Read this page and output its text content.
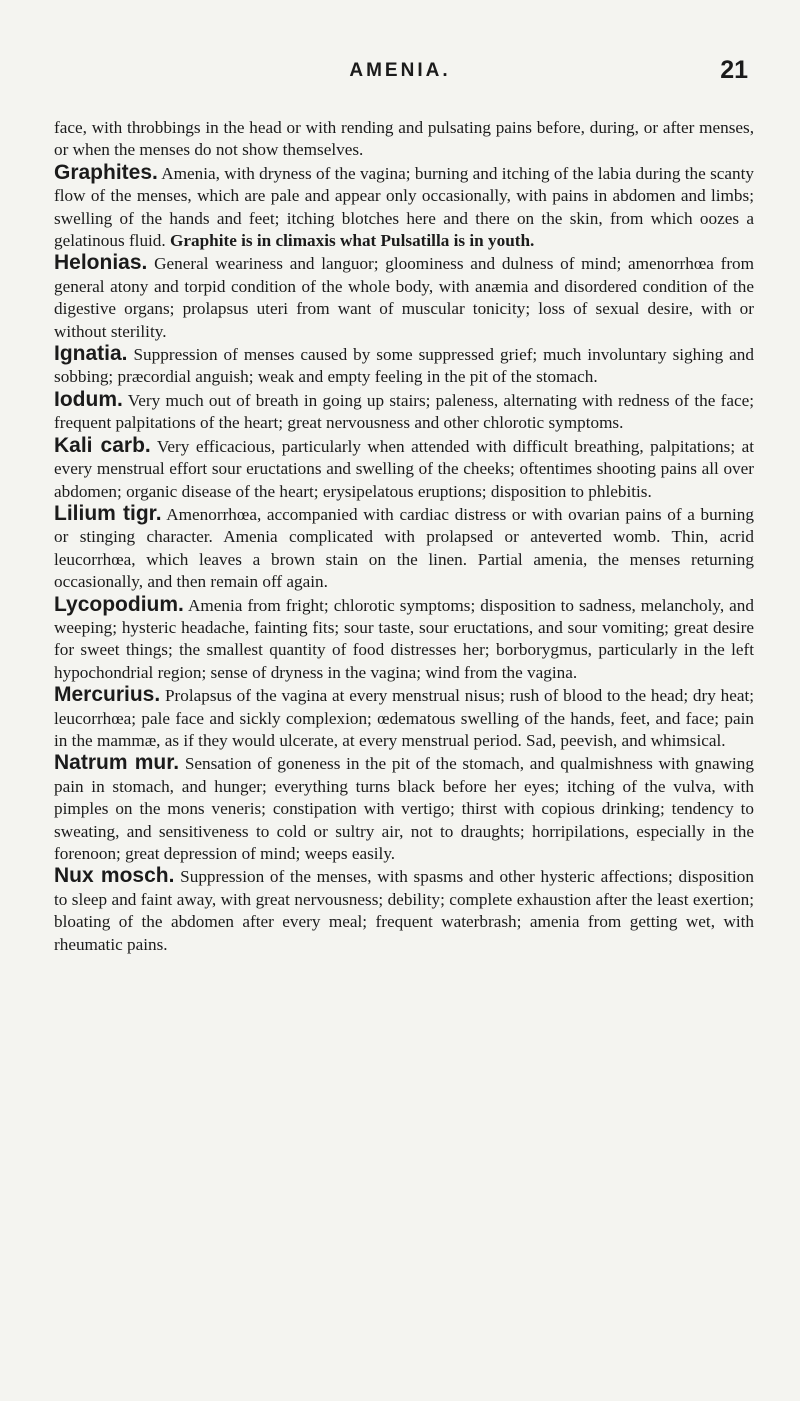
AMENIA.	21

face, with throbbings in the head or with rending and pulsating pains before, during, or after menses, or when the menses do not show themselves.

Graphites. Amenia, with dryness of the vagina; burning and itching of the labia during the scanty flow of the menses, which are pale and appear only occasionally, with pains in abdomen and limbs; swelling of the hands and feet; itching blotches here and there on the skin, from which oozes a gelatinous fluid. Graphite is in climaxis what Pulsatilla is in youth.

Helonias. General weariness and languor; gloominess and dulness of mind; amenorrhœa from general atony and torpid condition of the whole body, with anæmia and disordered condition of the digestive organs; prolapsus uteri from want of muscular tonicity; loss of sexual desire, with or without sterility.

Ignatia. Suppression of menses caused by some suppressed grief; much involuntary sighing and sobbing; præcordial anguish; weak and empty feeling in the pit of the stomach.

Iodum. Very much out of breath in going up stairs; paleness, alternating with redness of the face; frequent palpitations of the heart; great nervousness and other chlorotic symptoms.

Kali carb. Very efficacious, particularly when attended with difficult breathing, palpitations; at every menstrual effort sour eructations and swelling of the cheeks; oftentimes shooting pains all over abdomen; organic disease of the heart; erysipelatous eruptions; disposition to phlebitis.

Lilium tigr. Amenorrhœa, accompanied with cardiac distress or with ovarian pains of a burning or stinging character. Amenia complicated with prolapsed or anteverted womb. Thin, acrid leucorrhœa, which leaves a brown stain on the linen. Partial amenia, the menses returning occasionally, and then remain off again.

Lycopodium. Amenia from fright; chlorotic symptoms; disposition to sadness, melancholy, and weeping; hysteric headache, fainting fits; sour taste, sour eructations, and sour vomiting; great desire for sweet things; the smallest quantity of food distresses her; borborygmus, particularly in the left hypochondrial region; sense of dryness in the vagina; wind from the vagina.

Mercurius. Prolapsus of the vagina at every menstrual nisus; rush of blood to the head; dry heat; leucorrhœa; pale face and sickly complexion; œdematous swelling of the hands, feet, and face; pain in the mammæ, as if they would ulcerate, at every menstrual period. Sad, peevish, and whimsical.

Natrum mur. Sensation of goneness in the pit of the stomach, and qualmishness with gnawing pain in stomach, and hunger; everything turns black before her eyes; itching of the vulva, with pimples on the mons veneris; constipation with vertigo; thirst with copious drinking; tendency to sweating, and sensitiveness to cold or sultry air, not to draughts; horripilations, especially in the forenoon; great depression of mind; weeps easily.

Nux mosch. Suppression of the menses, with spasms and other hysteric affections; disposition to sleep and faint away, with great nervousness; debility; complete exhaustion after the least exertion; bloating of the abdomen after every meal; frequent waterbrash; amenia from getting wet, with rheumatic pains.
